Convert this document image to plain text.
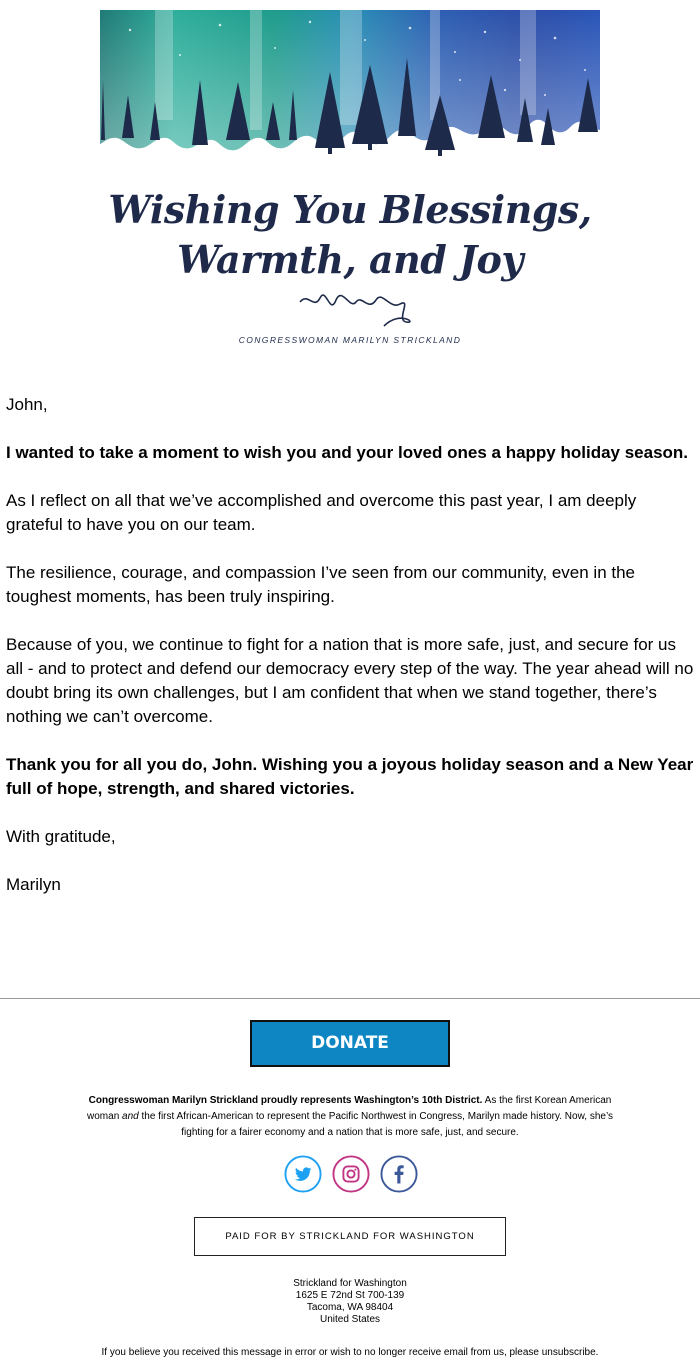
Wishing You Blessings,
Warmth, and Joy
CONGRESSWOMAN MARILYN STRICKLAND

John,

I wanted to take a moment to wish you and your loved ones a happy holiday season.

As I reflect on all that we’ve accomplished and overcome this past year, I am deeply grateful to have you on our team.

The resilience, courage, and compassion I’ve seen from our community, even in the toughest moments, has been truly inspiring.

Because of you, we continue to fight for a nation that is more safe, just, and secure for us all - and to protect and defend our democracy every step of the way. The year ahead will no doubt bring its own challenges, but I am confident that when we stand together, there’s nothing we can’t overcome.

Thank you for all you do, John. Wishing you a joyous holiday season and a New Year full of hope, strength, and shared victories.

With gratitude,

Marilyn

DONATE
Congresswoman Marilyn Strickland proudly represents Washington’s 10th District. As the first Korean American woman and the first African-American to represent the Pacific Northwest in Congress, Marilyn made history. Now, she’s fighting for a fairer economy and a nation that is more safe, just, and secure.
PAID FOR BY STRICKLAND FOR WASHINGTON
Strickland for Washington
1625 E 72nd St 700-139
Tacoma, WA 98404
United States
If you believe you received this message in error or wish to no longer receive email from us, please unsubscribe.
